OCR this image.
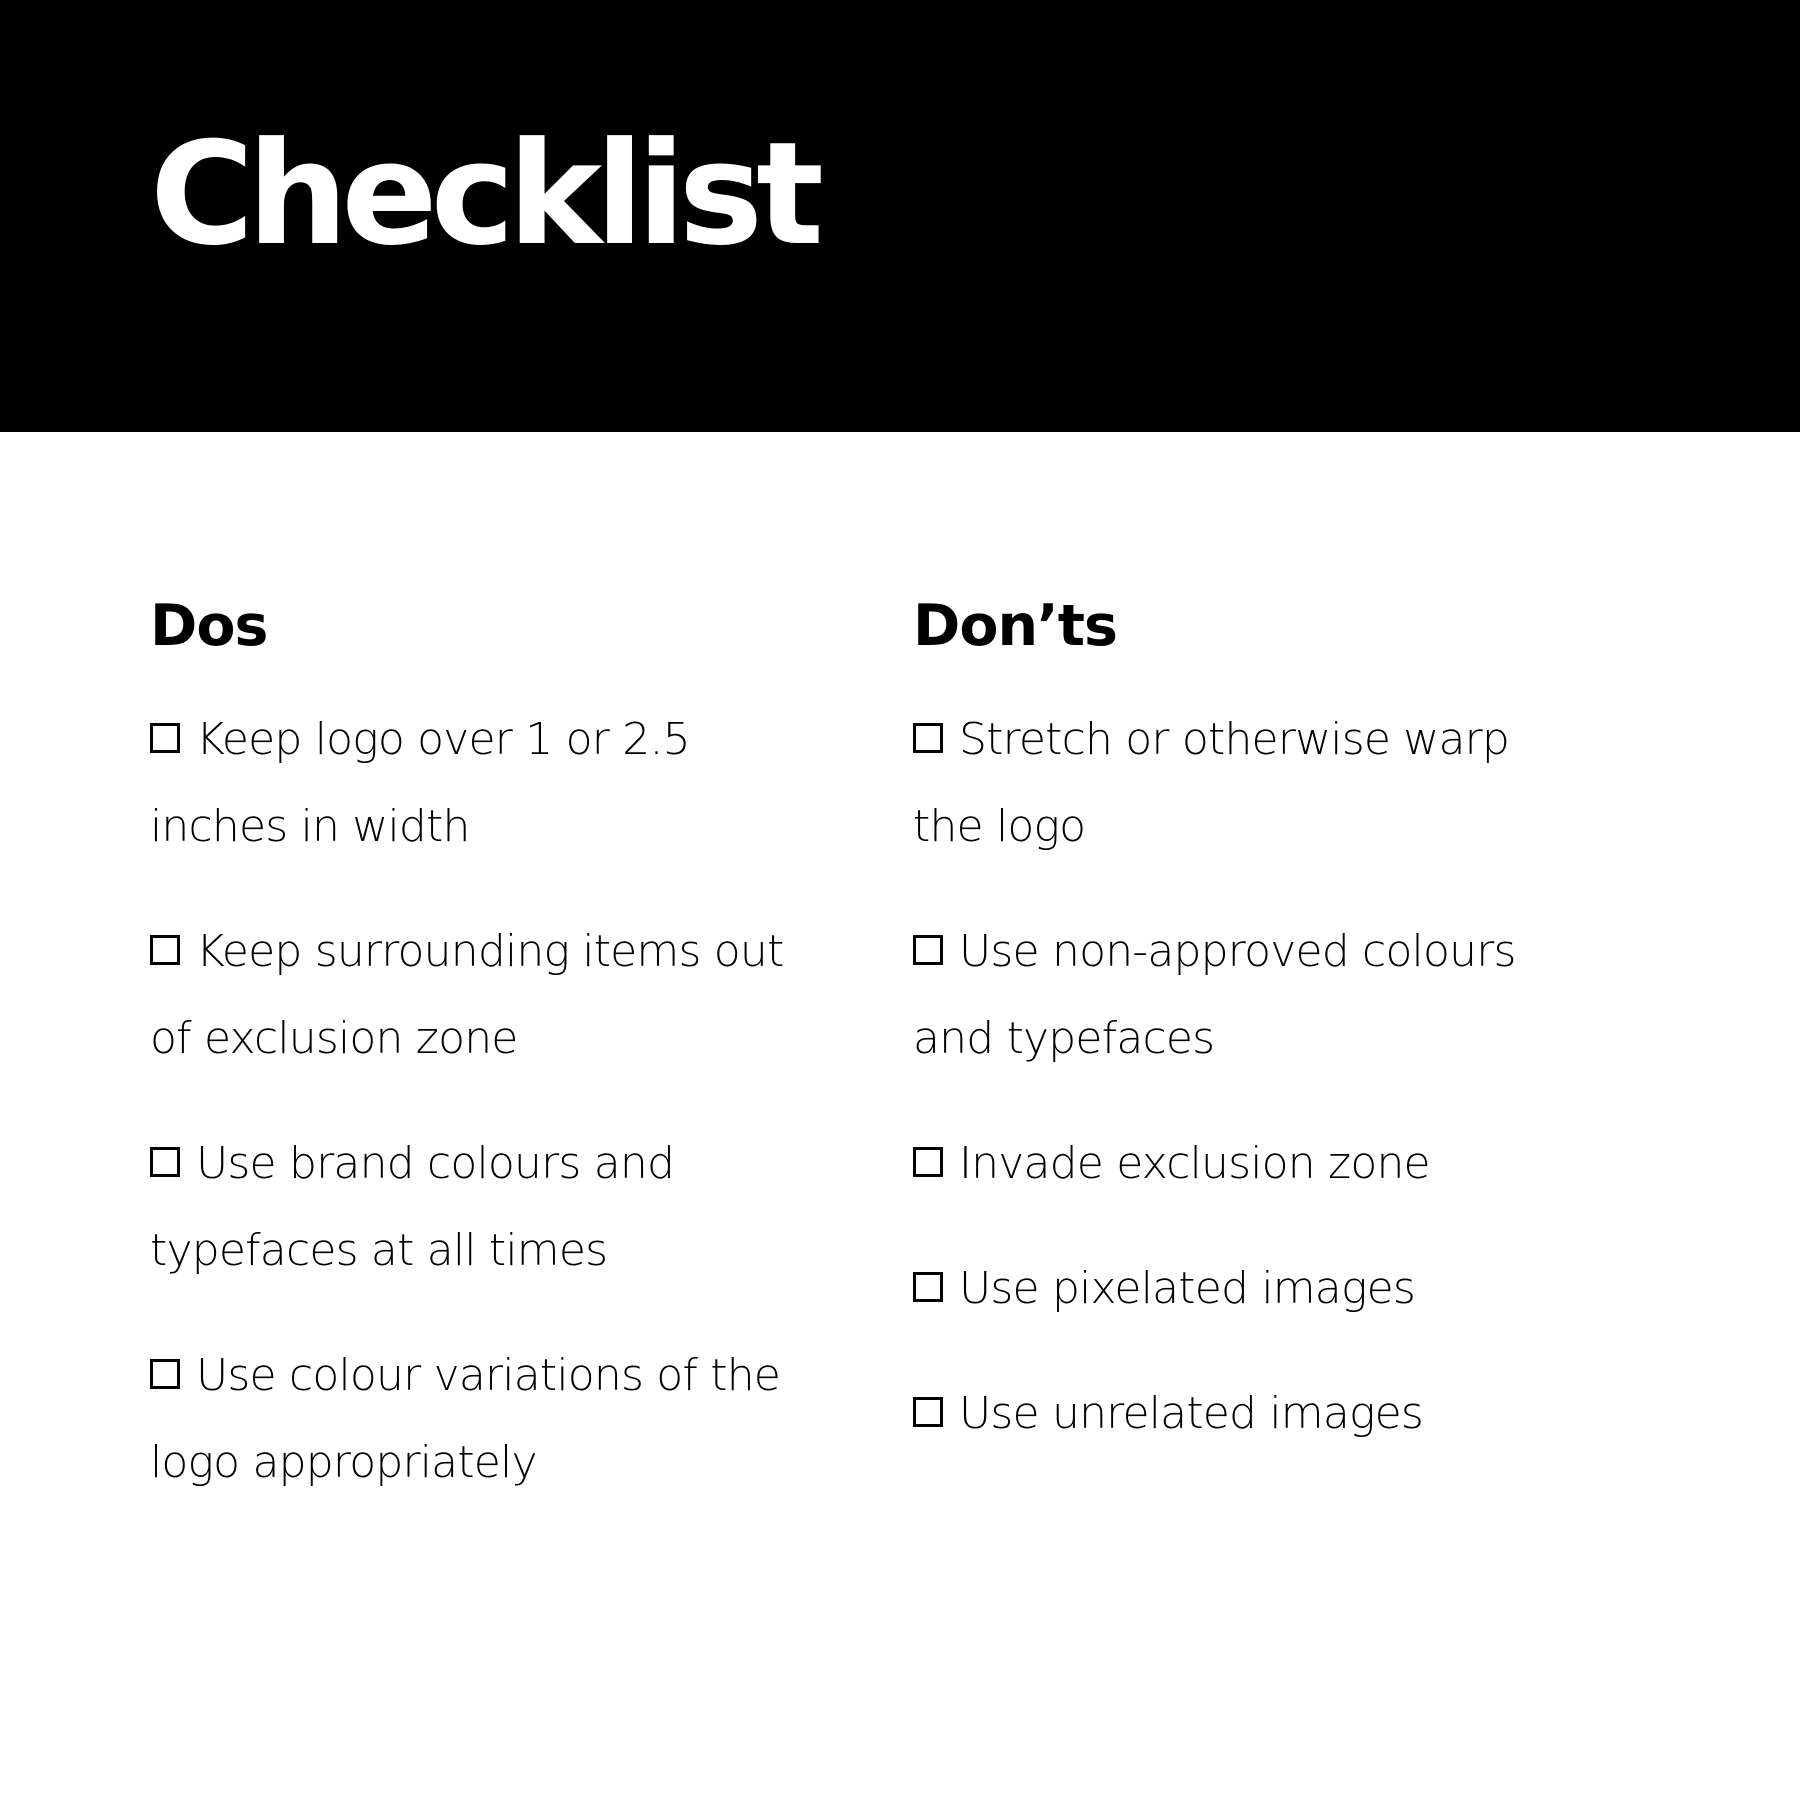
Checklist
Dos
Keep logo over 1 or 2.5 inches in width
Keep surrounding items out of exclusion zone
Use brand colours and typefaces at all times
Use colour variations of the logo appropriately
Don’ts
Stretch or otherwise warp the logo
Use non-approved colours and typefaces
Invade exclusion zone
Use pixelated images
Use unrelated images
